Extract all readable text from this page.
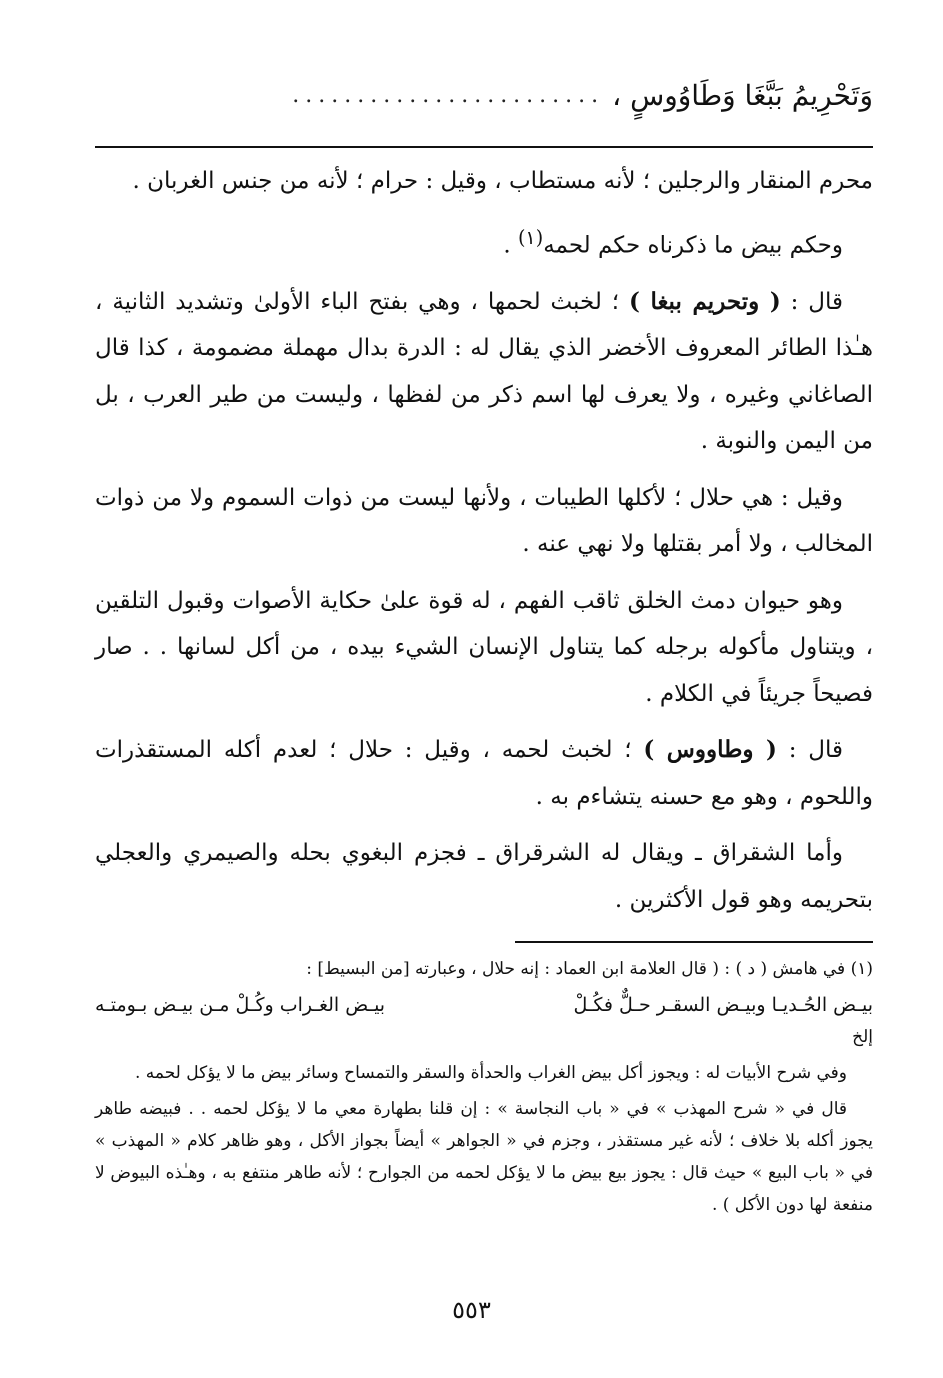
وَتَحْرِيمُ بَبَّغَا وَطَاوُوسٍ ،
........................

محرم المنقار والرجلين ؛ لأنه مستطاب ، وقيل : حرام ؛ لأنه من جنس الغربان .

وحكم بيض ما ذكرناه حكم لحمه$^{(١)}$ .

قال : ( وتحريم ببغا ) ؛ لخبث لحمها ، وهي بفتح الباء الأولىٰ وتشديد الثانية ، هـٰذا الطائر المعروف الأخضر الذي يقال له : الدرة بدال مهملة مضمومة ، كذا قال الصاغاني وغيره ، ولا يعرف لها اسم ذكر من لفظها ، وليست من طير العرب ، بل من اليمن والنوبة .

وقيل : هي حلال ؛ لأكلها الطيبات ، ولأنها ليست من ذوات السموم ولا من ذوات المخالب ، ولا أمر بقتلها ولا نهي عنه .

وهو حيوان دمث الخلق ثاقب الفهم ، له قوة علىٰ حكاية الأصوات وقبول التلقين ، ويتناول مأكوله برجله كما يتناول الإنسان الشيء بيده ، من أكل لسانها . . صار فصيحاً جريئاً في الكلام .

قال : ( وطاووس ) ؛ لخبث لحمه ، وقيل : حلال ؛ لعدم أكله المستقذرات واللحوم ، وهو مع حسنه يتشاءم به .

وأما الشقراق ـ ويقال له الشرقراق ـ فجزم البغوي بحله والصيمري والعجلي بتحريمه وهو قول الأكثرين .

(١) في هامش ( د ) : ( قال العلامة ابن العماد : إنه حلال ، وعبارته [من البسيط] :

بيـض الحُـديـا وبيـض السقـر حـلٌّ فكُـلْ
بيـض الغـراب وكُـلْ مـن بيـض بـومتـه

إلخ

وفي شرح الأبيات له : ويجوز أكل بيض الغراب والحدأة والسقر والتمساح وسائر بيض ما لا يؤكل لحمه .

قال في « شرح المهذب » في « باب النجاسة » : إن قلنا بطهارة معي ما لا يؤكل لحمه . . فبيضه طاهر يجوز أكله بلا خلاف ؛ لأنه غير مستقذر ، وجزم في « الجواهر » أيضاً بجواز الأكل ، وهو ظاهر كلام « المهذب » في « باب البيع » حيث قال : يجوز بيع بيض ما لا يؤكل لحمه من الجوارح ؛ لأنه طاهر منتفع به ، وهـٰذه البيوض لا منفعة لها دون الأكل ) .

٥٥٣
